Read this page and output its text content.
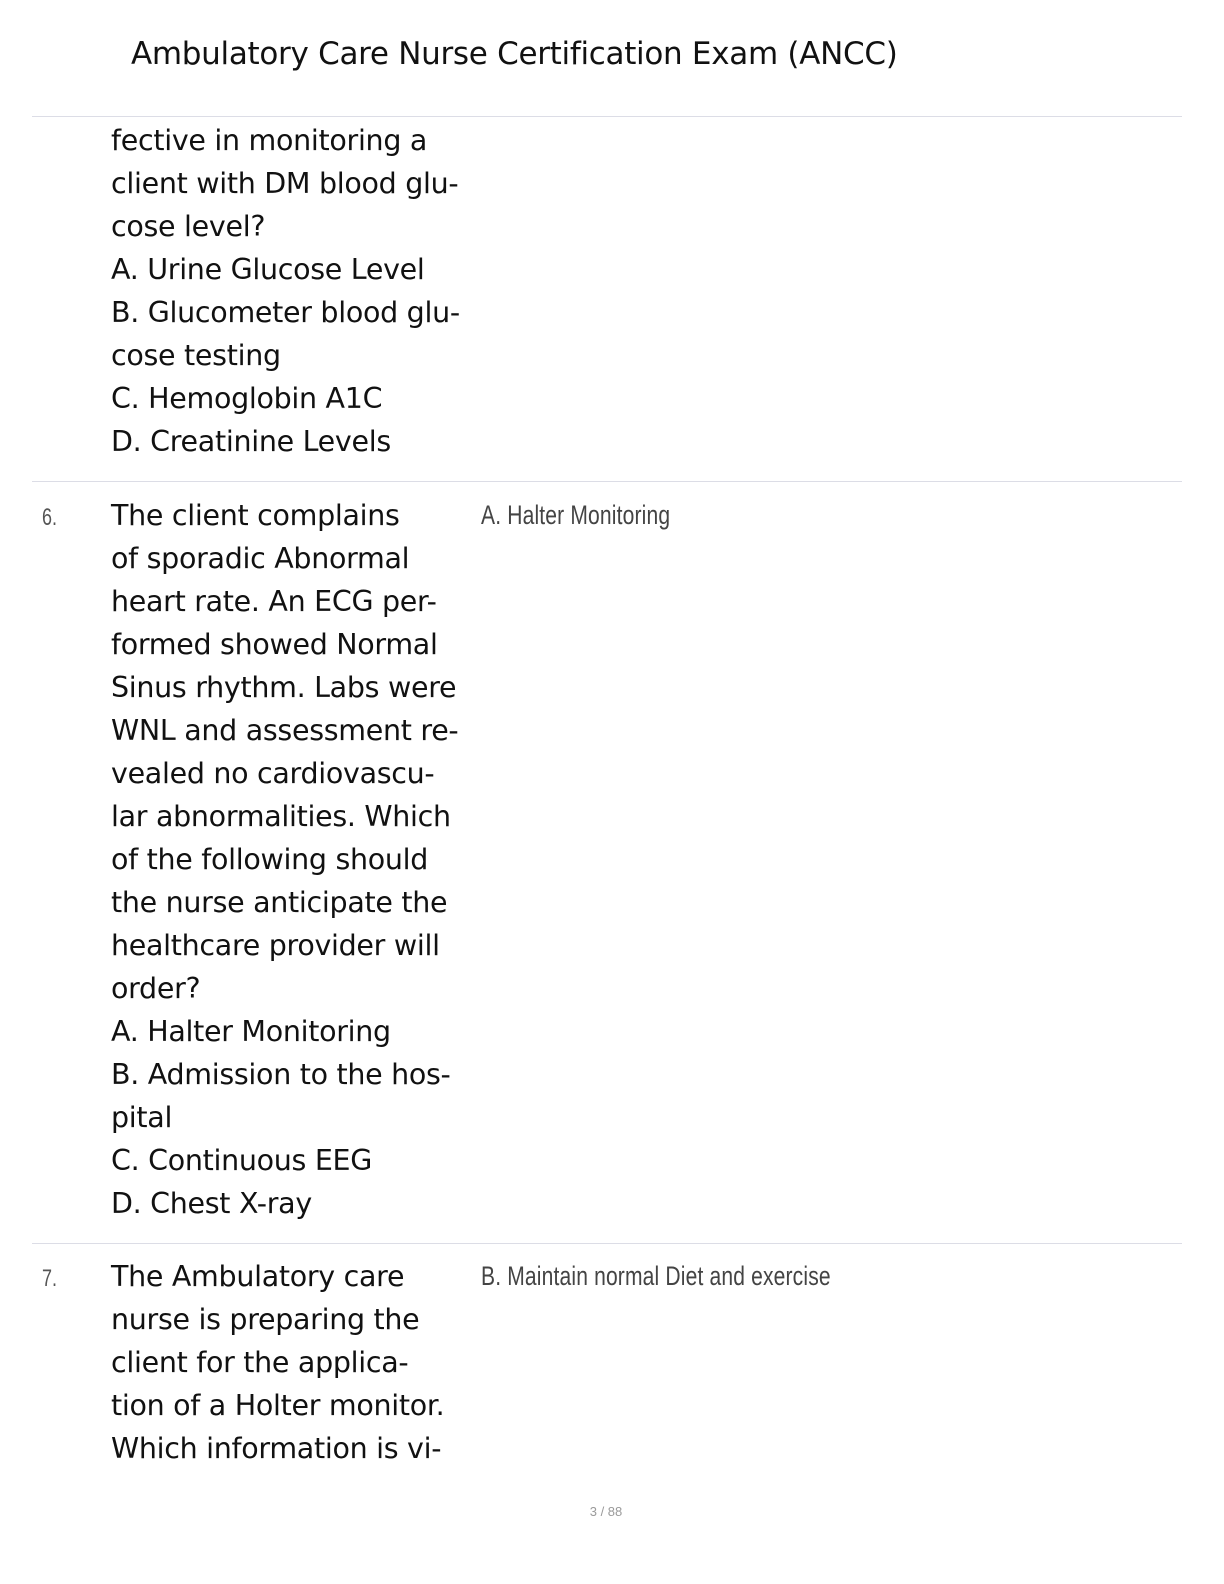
Ambulatory Care Nurse Certification Exam (ANCC)
fective in monitoring a
client with DM blood glu-
cose level?
A. Urine Glucose Level
B. Glucometer blood glu-
cose testing
C. Hemoglobin A1C
D. Creatinine Levels
6. The client complains
of sporadic Abnormal
heart rate. An ECG per-
formed showed Normal
Sinus rhythm. Labs were
WNL and assessment re-
vealed no cardiovascu-
lar abnormalities. Which
of the following should
the nurse anticipate the
healthcare provider will
order?
A. Halter Monitoring
B. Admission to the hos-
pital
C. Continuous EEG
D. Chest X-ray
A. Halter Monitoring
7. The Ambulatory care
nurse is preparing the
client for the applica-
tion of a Holter monitor.
Which information is vi-
B. Maintain normal Diet and exercise
3 / 88
